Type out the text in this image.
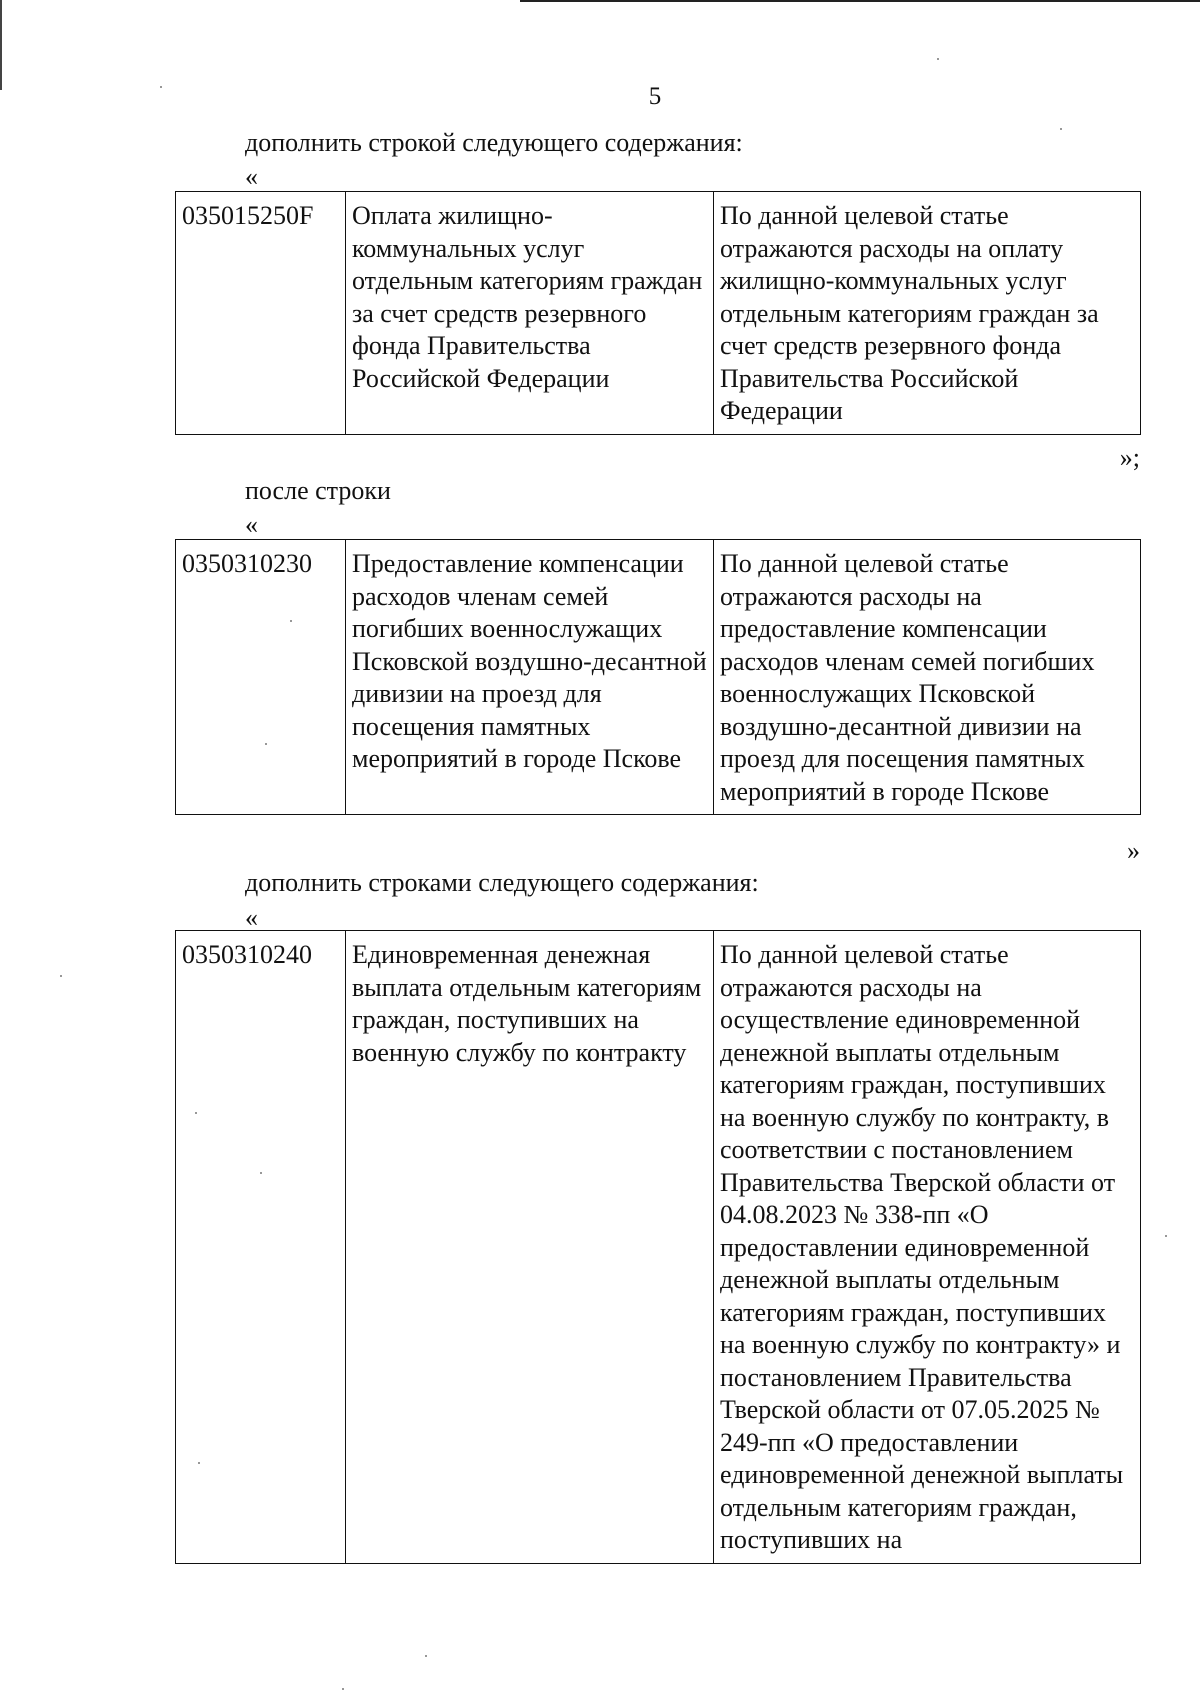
5
дополнить строкой следующего содержания:
«
035015250F	Оплата жилищно-коммунальных услуг отдельным категориям граждан за счет средств резервного фонда Правительства Российской Федерации	По данной целевой статье отражаются расходы на оплату жилищно-коммунальных услуг отдельным категориям граждан за счет средств резервного фонда Правительства Российской Федерации
»;
после строки
«
0350310230	Предоставление компенсации расходов членам семей погибших военнослужащих Псковской воздушно-десантной дивизии на проезд для посещения памятных мероприятий в городе Пскове	По данной целевой статье отражаются расходы на предоставление компенсации расходов членам семей погибших военнослужащих Псковской воздушно-десантной дивизии на проезд для посещения памятных мероприятий в городе Пскове
»
дополнить строками следующего содержания:
«
0350310240	Единовременная денежная выплата отдельным категориям граждан, поступивших на военную службу по контракту	По данной целевой статье отражаются расходы на осуществление единовременной денежной выплаты отдельным категориям граждан, поступивших на военную службу по контракту, в соответствии с постановлением Правительства Тверской области от 04.08.2023 № 338-пп «О предоставлении единовременной денежной выплаты отдельным категориям граждан, поступивших на военную службу по контракту» и постановлением Правительства Тверской области от 07.05.2025 № 249-пп «О предоставлении единовременной денежной выплаты отдельным категориям граждан, поступивших на
